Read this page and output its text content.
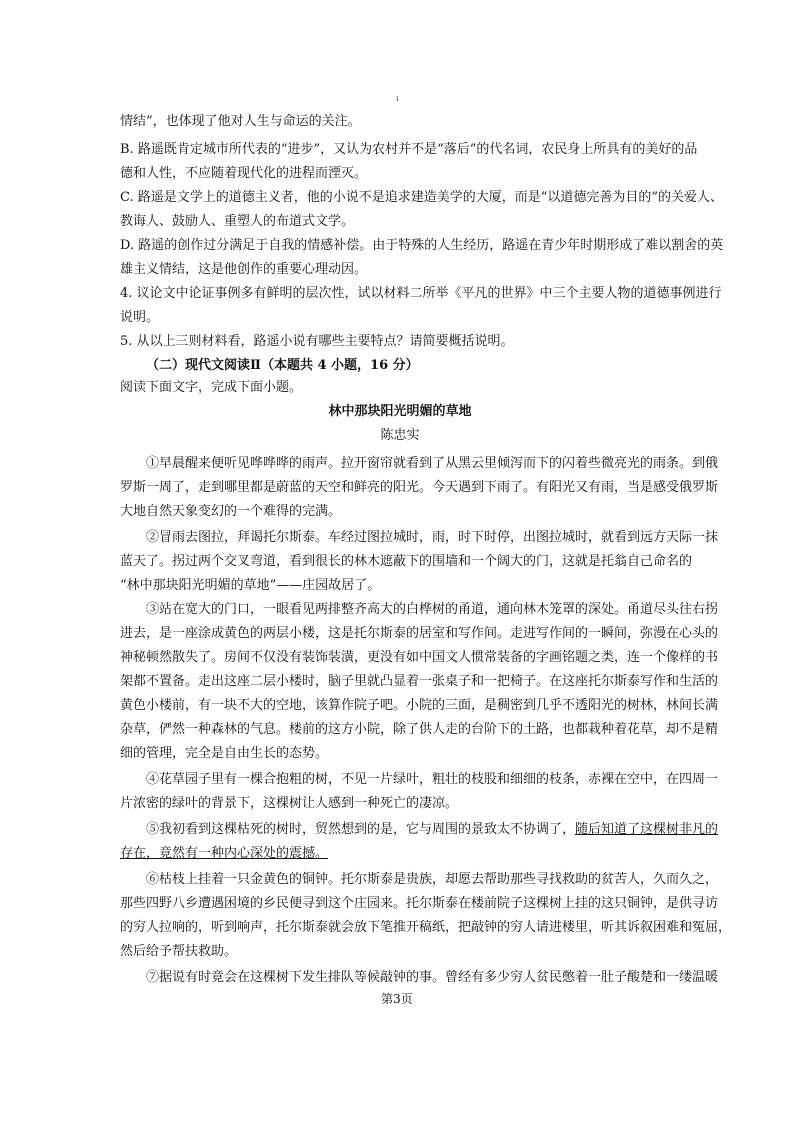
ı
情结”，也体现了他对人生与命运的关注。
B. 路遥既肯定城市所代表的“进步”，又认为农村并不是“落后”的代名词，农民身上所具有的美好的品
德和人性，不应随着现代化的进程而湮灭。
C. 路遥是文学上的道德主义者，他的小说不是追求建造美学的大厦，而是“以道德完善为目的”的关爱人、
教诲人、鼓励人、重塑人的布道式文学。
D. 路遥的创作过分满足于自我的情感补偿。由于特殊的人生经历，路遥在青少年时期形成了难以割舍的英
雄主义情结，这是他创作的重要心理动因。
4. 议论文中论证事例多有鲜明的层次性，试以材料二所举《平凡的世界》中三个主要人物的道德事例进行
说明。
5. 从以上三则材料看，路遥小说有哪些主要特点？请简要概括说明。
（二）现代文阅读Ⅱ（本题共 4 小题，16 分）
阅读下面文字，完成下面小题。
林中那块阳光明媚的草地
陈忠实
①早晨醒来便听见哗哗哗的雨声。拉开窗帘就看到了从黑云里倾泻而下的闪着些微亮光的雨条。到俄
罗斯一周了，走到哪里都是蔚蓝的天空和鲜亮的阳光。今天遇到下雨了。有阳光又有雨，当是感受俄罗斯
大地自然天象变幻的一个难得的完满。
②冒雨去图拉，拜谒托尔斯泰。车经过图拉城时，雨，时下时停，出图拉城时，就看到远方天际一抹
蓝天了。拐过两个交叉弯道，看到很长的林木遮蔽下的围墙和一个阔大的门，这就是托翁自己命名的
“林中那块阳光明媚的草地”——庄园故居了。
③站在宽大的门口，一眼看见两排整齐高大的白桦树的甬道，通向林木笼罩的深处。甬道尽头往右拐
进去，是一座涂成黄色的两层小楼，这是托尔斯泰的居室和写作间。走进写作间的一瞬间，弥漫在心头的
神秘顿然散失了。房间不仅没有装饰装潢，更没有如中国文人惯常装备的字画铭题之类，连一个像样的书
架都不置备。走出这座二层小楼时，脑子里就凸显着一张桌子和一把椅子。在这座托尔斯泰写作和生活的
黄色小楼前，有一块不大的空地，该算作院子吧。小院的三面，是稠密到几乎不透阳光的树林，林间长满
杂草，俨然一种森林的气息。楼前的这方小院，除了供人走的台阶下的土路，也都栽种着花草，却不是精
细的管理，完全是自由生长的态势。
④花草园子里有一棵合抱粗的树，不见一片绿叶，粗壮的枝股和细细的枝条，赤裸在空中，在四周一
片浓密的绿叶的背景下，这棵树让人感到一种死亡的凄凉。
⑤我初看到这棵枯死的树时，贸然想到的是，它与周围的景致太不协调了，随后知道了这棵树非凡的
存在，竟然有一种内心深处的震撼。
⑥枯枝上挂着一只金黄色的铜钟。托尔斯泰是贵族，却愿去帮助那些寻找救助的贫苦人，久而久之，
那些四野八乡遭遇困境的乡民便寻到这个庄园来。托尔斯泰在楼前院子这棵树上挂的这只铜钟，是供寻访
的穷人拉响的，听到响声，托尔斯泰就会放下笔推开稿纸，把敲钟的穷人请进楼里，听其诉叙困难和冤屈，
然后给予帮扶救助。
⑦据说有时竟会在这棵树下发生排队等候敲钟的事。曾经有多少穷人贫民憋着一肚子酸楚和一缕温暖
第3页
